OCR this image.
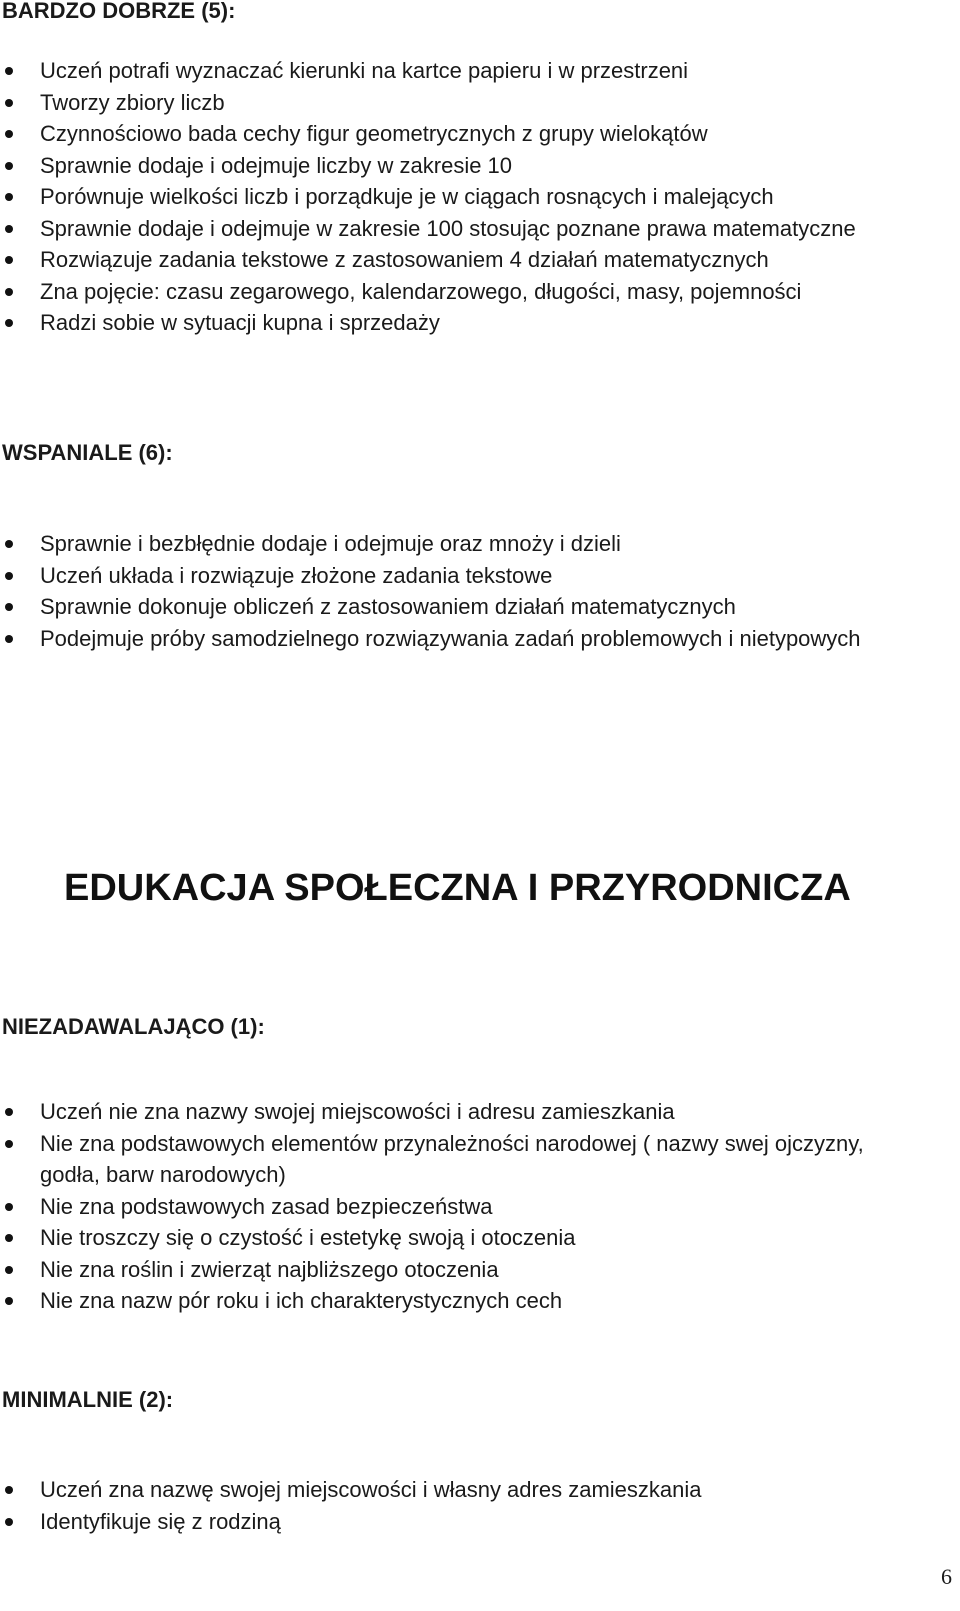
BARDZO DOBRZE (5):
Uczeń potrafi wyznaczać kierunki na kartce papieru i w przestrzeni
Tworzy zbiory liczb
Czynnościowo bada cechy figur geometrycznych z grupy wielokątów
Sprawnie dodaje i odejmuje liczby w zakresie 10
Porównuje wielkości liczb i porządkuje je w ciągach rosnących i malejących
Sprawnie dodaje i odejmuje w zakresie 100 stosując poznane prawa matematyczne
Rozwiązuje zadania tekstowe z zastosowaniem 4 działań matematycznych
Zna pojęcie: czasu zegarowego, kalendarzowego, długości, masy, pojemności
Radzi sobie w sytuacji kupna i sprzedaży
WSPANIALE (6):
Sprawnie i bezbłędnie dodaje i odejmuje oraz mnoży i dzieli
Uczeń układa i rozwiązuje złożone zadania tekstowe
Sprawnie dokonuje obliczeń z zastosowaniem działań matematycznych
Podejmuje próby samodzielnego rozwiązywania zadań problemowych i nietypowych
EDUKACJA SPOŁECZNA I PRZYRODNICZA
NIEZADAWALAJĄCO (1):
Uczeń nie zna nazwy swojej miejscowości i adresu zamieszkania
Nie zna podstawowych elementów przynależności narodowej ( nazwy swej ojczyzny, godła, barw narodowych)
Nie zna podstawowych zasad bezpieczeństwa
Nie troszczy się o czystość i estetykę swoją i otoczenia
Nie zna roślin i zwierząt najbliższego otoczenia
Nie zna nazw pór roku i ich charakterystycznych cech
MINIMALNIE (2):
Uczeń zna nazwę swojej miejscowości i własny adres zamieszkania
Identyfikuje się z rodziną
6
